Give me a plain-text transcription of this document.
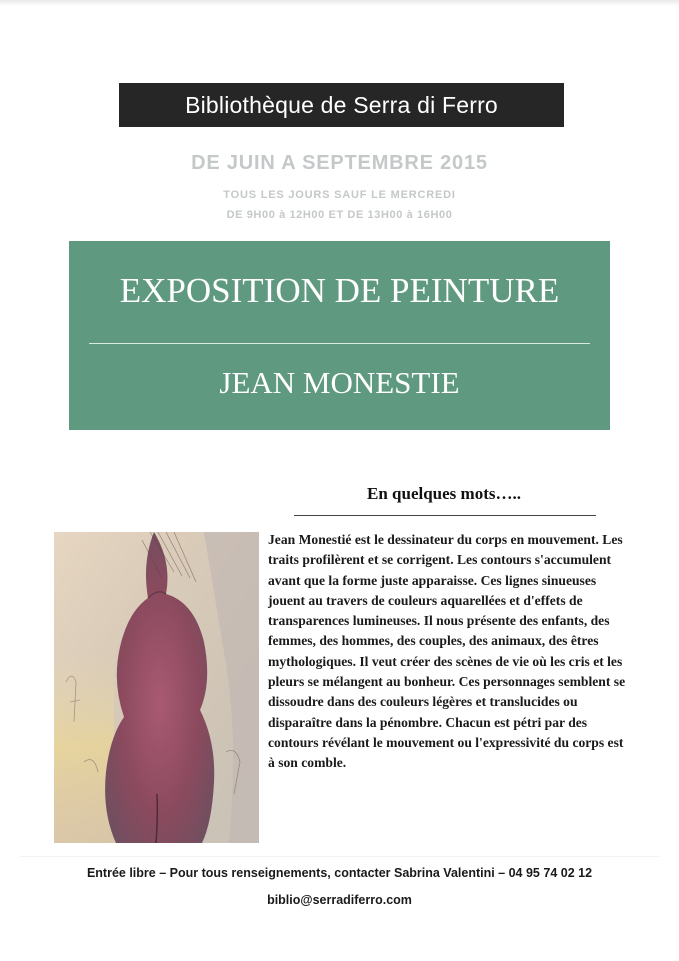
Bibliothèque de Serra di Ferro
DE JUIN A SEPTEMBRE 2015
TOUS LES JOURS SAUF LE MERCREDI
DE 9H00 à 12H00 ET DE 13H00 à 16H00
EXPOSITION DE PEINTURE
JEAN MONESTIE
En quelques mots…..
Jean Monestié est le dessinateur du corps en mouvement. Les traits profilèrent et se corrigent. Les contours s'accumulent avant que la forme juste apparaisse. Ces lignes sinueuses jouent au travers de couleurs aquarellées et d'effets de transparences lumineuses. Il nous présente des enfants, des femmes, des hommes, des couples, des animaux, des êtres mythologiques. Il veut créer des scènes de vie où les cris et les pleurs se mélangent au bonheur. Ces personnages semblent se dissoudre dans des couleurs légères et translucides ou disparaître dans la pénombre. Chacun est pétri par des contours révélant le mouvement ou l'expressivité du corps est à son comble.
Entrée libre – Pour tous renseignements, contacter Sabrina Valentini – 04 95 74 02 12
biblio@serradiferro.com
